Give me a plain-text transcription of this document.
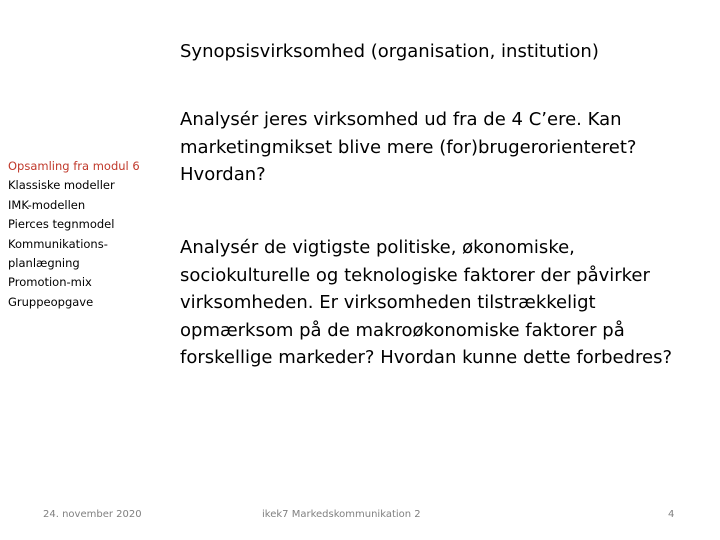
Synopsisvirksomhed (organisation, institution)
Opsamling fra modul 6
Klassiske modeller
IMK-modellen
Pierces tegnmodel
Kommunikations-
planlægning
Promotion-mix
Gruppeopgave
Analysér jeres virksomhed ud fra de 4 C’ere. Kan marketingmikset blive mere (for)brugerorienteret? Hvordan?
Analysér de vigtigste politiske, økonomiske, sociokulturelle og teknologiske faktorer der påvirker virksomheden. Er virksomheden tilstrækkeligt opmærksom på de makroøkonomiske faktorer på forskellige markeder? Hvordan kunne dette forbedres?
24. november 2020	ikek7 Markedskommunikation 2	4
